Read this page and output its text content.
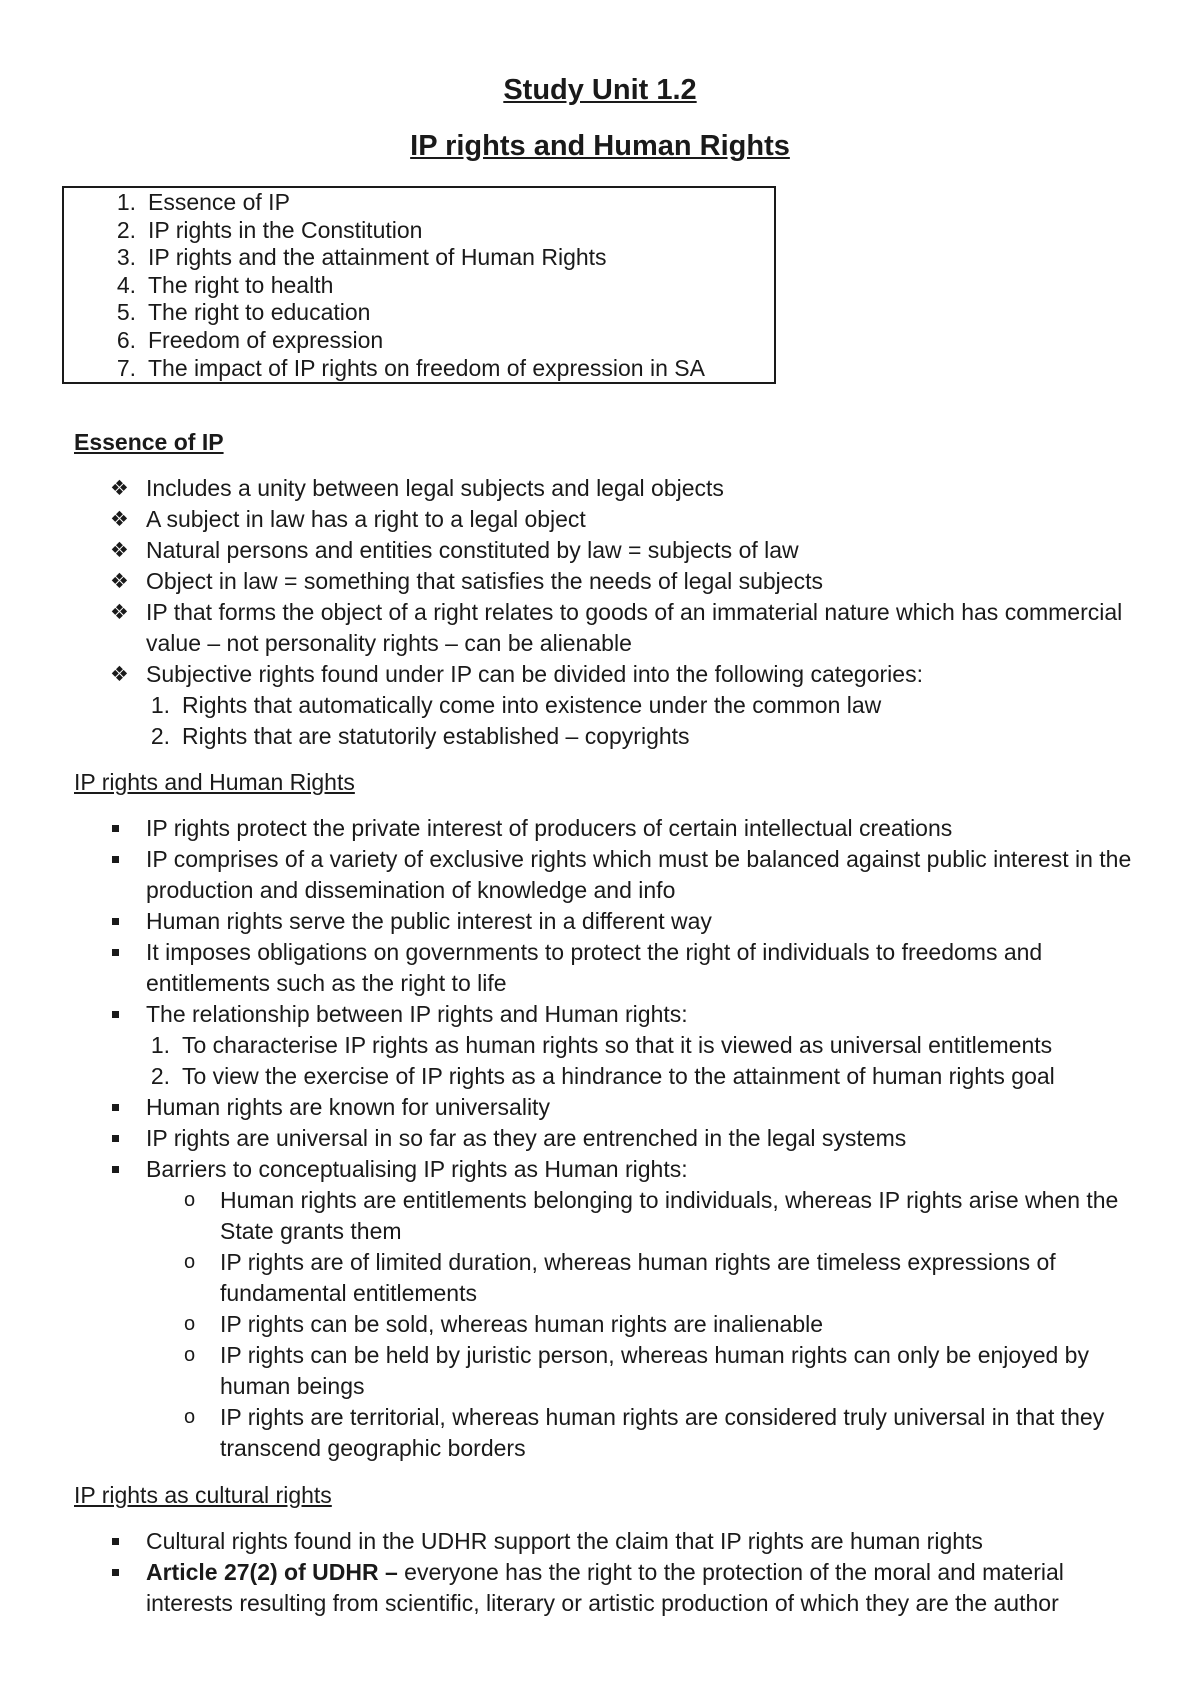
Study Unit 1.2
IP rights and Human Rights
1. Essence of IP
2. IP rights in the Constitution
3. IP rights and the attainment of Human Rights
4. The right to health
5. The right to education
6. Freedom of expression
7. The impact of IP rights on freedom of expression in SA
Essence of IP
❖ Includes a unity between legal subjects and legal objects
❖ A subject in law has a right to a legal object
❖ Natural persons and entities constituted by law = subjects of law
❖ Object in law = something that satisfies the needs of legal subjects
❖ IP that forms the object of a right relates to goods of an immaterial nature which has commercial value – not personality rights – can be alienable
❖ Subjective rights found under IP can be divided into the following categories:
1. Rights that automatically come into existence under the common law
2. Rights that are statutorily established – copyrights
IP rights and Human Rights
IP rights protect the private interest of producers of certain intellectual creations
IP comprises of a variety of exclusive rights which must be balanced against public interest in the production and dissemination of knowledge and info
Human rights serve the public interest in a different way
It imposes obligations on governments to protect the right of individuals to freedoms and entitlements such as the right to life
The relationship between IP rights and Human rights:
1. To characterise IP rights as human rights so that it is viewed as universal entitlements
2. To view the exercise of IP rights as a hindrance to the attainment of human rights goal
Human rights are known for universality
IP rights are universal in so far as they are entrenched in the legal systems
Barriers to conceptualising IP rights as Human rights:
o Human rights are entitlements belonging to individuals, whereas IP rights arise when the State grants them
o IP rights are of limited duration, whereas human rights are timeless expressions of fundamental entitlements
o IP rights can be sold, whereas human rights are inalienable
o IP rights can be held by juristic person, whereas human rights can only be enjoyed by human beings
o IP rights are territorial, whereas human rights are considered truly universal in that they transcend geographic borders
IP rights as cultural rights
Cultural rights found in the UDHR support the claim that IP rights are human rights
Article 27(2) of UDHR – everyone has the right to the protection of the moral and material interests resulting from scientific, literary or artistic production of which they are the author
